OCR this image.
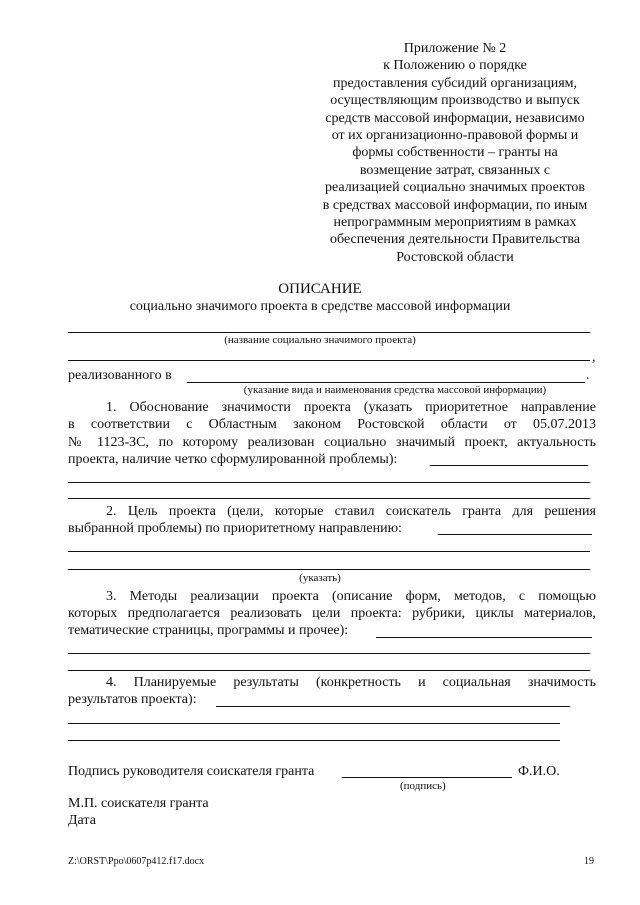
Приложение № 2
к Положению о порядке
предоставления субсидий организациям,
осуществляющим производство и выпуск
средств массовой информации, независимо
от их организационно-правовой формы и
формы собственности – гранты на
возмещение затрат, связанных с
реализацией социально значимых проектов
в средствах массовой информации, по иным
непрограммным мероприятиям в рамках
обеспечения деятельности Правительства
Ростовской области
ОПИСАНИЕ
социально значимого проекта в средстве массовой информации
(название социально значимого проекта)
,
реализованного в	.
(указание вида и наименования средства массовой информации)
1. Обоснование значимости проекта (указать приоритетное направление
в соответствии с Областным законом Ростовской области от 05.07.2013
№ 1123-ЗС, по которому реализован социально значимый проект, актуальность
проекта, наличие четко сформулированной проблемы):
2. Цель проекта (цели, которые ставил соискатель гранта для решения
выбранной проблемы) по приоритетному направлению:
(указать)
3. Методы реализации проекта (описание форм, методов, с помощью
которых предполагается реализовать цели проекта: рубрики, циклы материалов,
тематические страницы, программы и прочее):
4. Планируемые результаты (конкретность и социальная значимость
результатов проекта):
Подпись руководителя соискателя гранта	Ф.И.О.
(подпись)
М.П. соискателя гранта
Дата
Z:\ORST\Ppo\0607p412.f17.docx	19
